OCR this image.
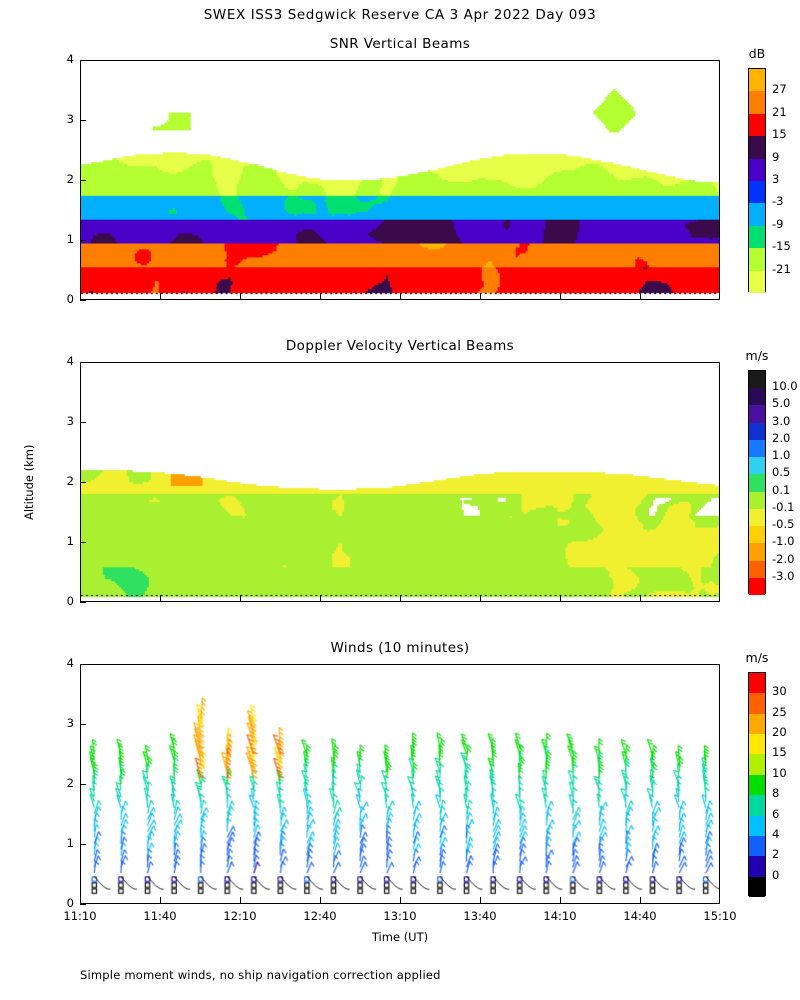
SWEX ISS3 Sedgwick Reserve CA 3 Apr 2022 Day 093
SNR Vertical Beams
0
1
2
3
4	dB
27
21
15
9
3
-3
-9
-15
-21
Doppler Velocity Vertical Beams
0
1
2
3
4	m/s
10.0
5.0
3.0
2.0
1.0
0.5
0.1
-0.1
-0.5
-1.0
-2.0
-3.0
Winds (10 minutes)
0
1
2
3
4
11:10	11:40	12:10	12:40	13:10	13:40	14:10	14:40	15:10
m/s
30
25
20
15
10
8
6
4
2
0
Altitude (km)
Time (UT)
Simple moment winds, no ship navigation correction applied
